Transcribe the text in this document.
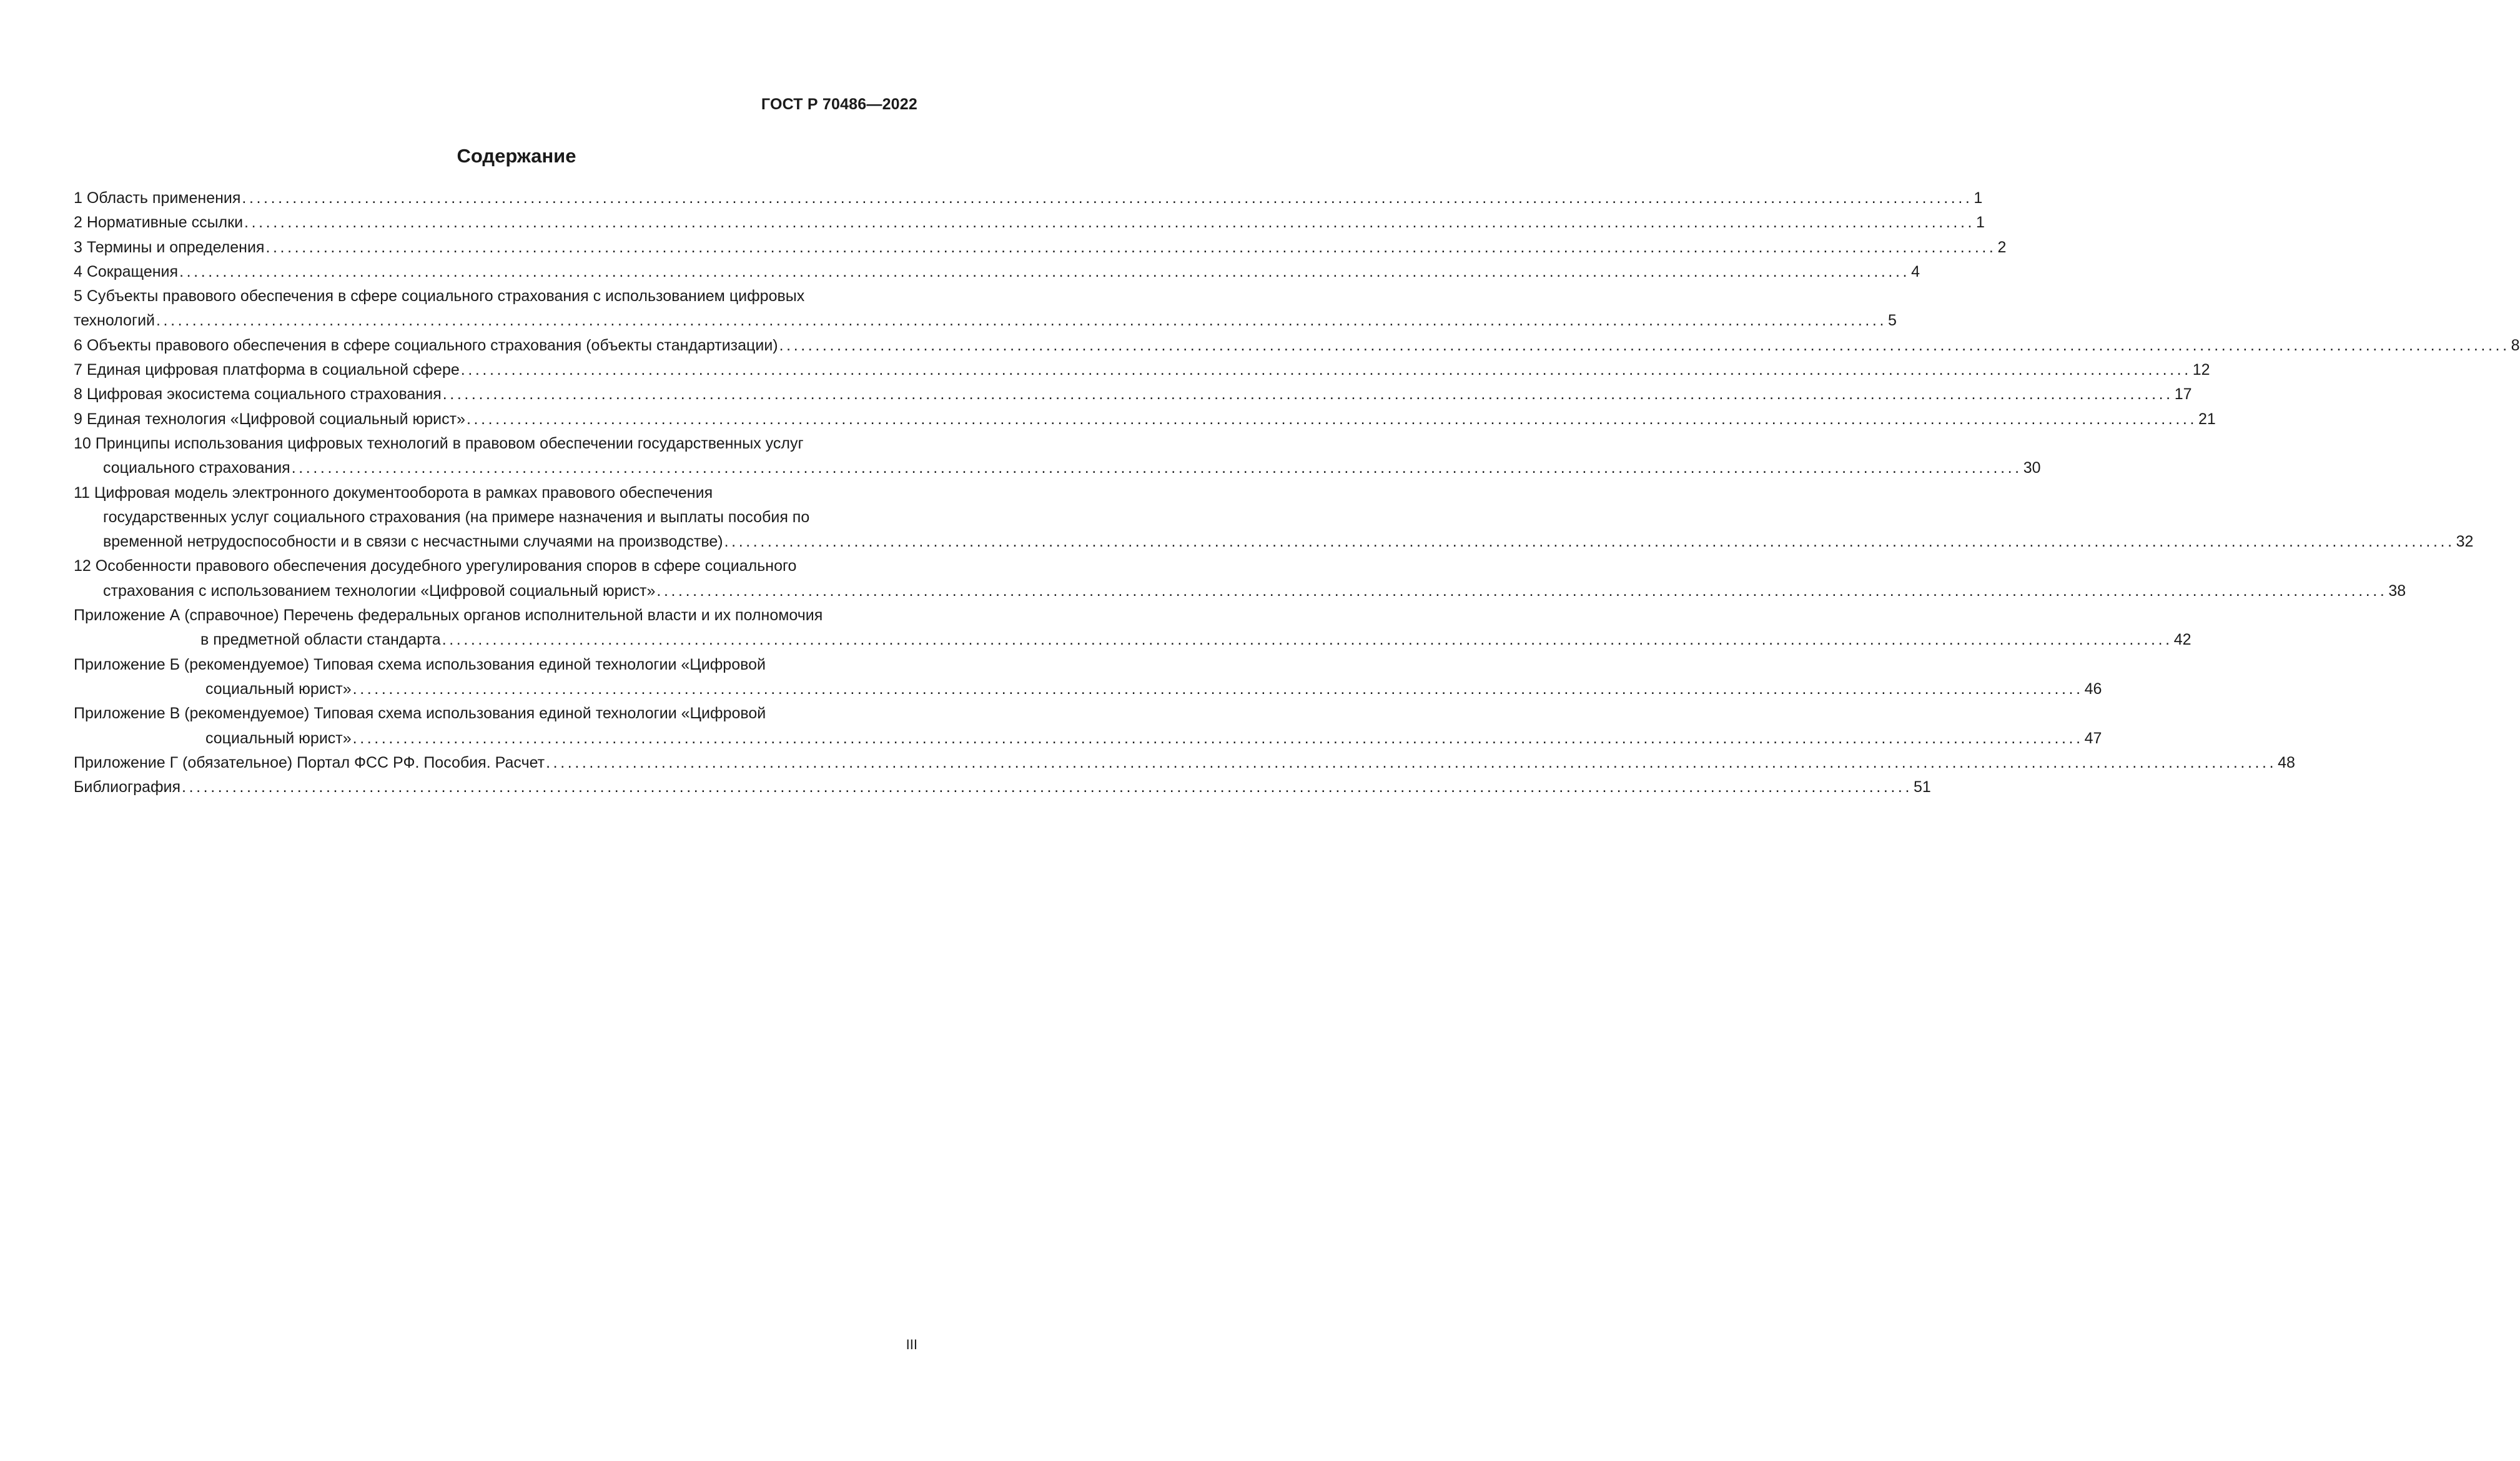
ГОСТ Р 70486—2022
Содержание
1 Область применения ................................................................................................................................................................................................................................................ 1
2 Нормативные ссылки ................................................................................................................................................................................................................................................ 1
3 Термины и определения ................................................................................................................................................................................................................................................ 2
4 Сокращения ................................................................................................................................................................................................................................................ 4
5 Субъекты правового обеспечения в сфере социального страхования с использованием цифровых
технологий ................................................................................................................................................................................................................................................ 5
6 Объекты правового обеспечения в сфере социального страхования (объекты стандартизации) ................................................................................................................................................................................................................................................ 8
7 Единая цифровая платформа в социальной сфере ................................................................................................................................................................................................................................................ 12
8 Цифровая экосистема социального страхования ................................................................................................................................................................................................................................................ 17
9 Единая технология «Цифровой социальный юрист» ................................................................................................................................................................................................................................................ 21
10 Принципы использования цифровых технологий в правовом обеспечении государственных услуг
социального страхования ................................................................................................................................................................................................................................................ 30
11 Цифровая модель электронного документооборота в рамках правового обеспечения
государственных услуг социального страхования (на примере назначения и выплаты пособия по
временной нетрудоспособности и в связи с несчастными случаями на производстве) ................................................................................................................................................................................................................................................ 32
12 Особенности правового обеспечения досудебного урегулирования споров в сфере социального
страхования с использованием технологии «Цифровой социальный юрист» ................................................................................................................................................................................................................................................ 38
Приложение А (справочное) Перечень федеральных органов исполнительной власти и их полномочия
в предметной области стандарта ................................................................................................................................................................................................................................................ 42
Приложение Б (рекомендуемое) Типовая схема использования единой технологии «Цифровой
социальный юрист» ................................................................................................................................................................................................................................................ 46
Приложение В (рекомендуемое) Типовая схема использования единой технологии «Цифровой
социальный юрист» ................................................................................................................................................................................................................................................ 47
Приложение Г (обязательное) Портал ФСС РФ. Пособия. Расчет ................................................................................................................................................................................................................................................ 48
Библиография ................................................................................................................................................................................................................................................ 51
III
